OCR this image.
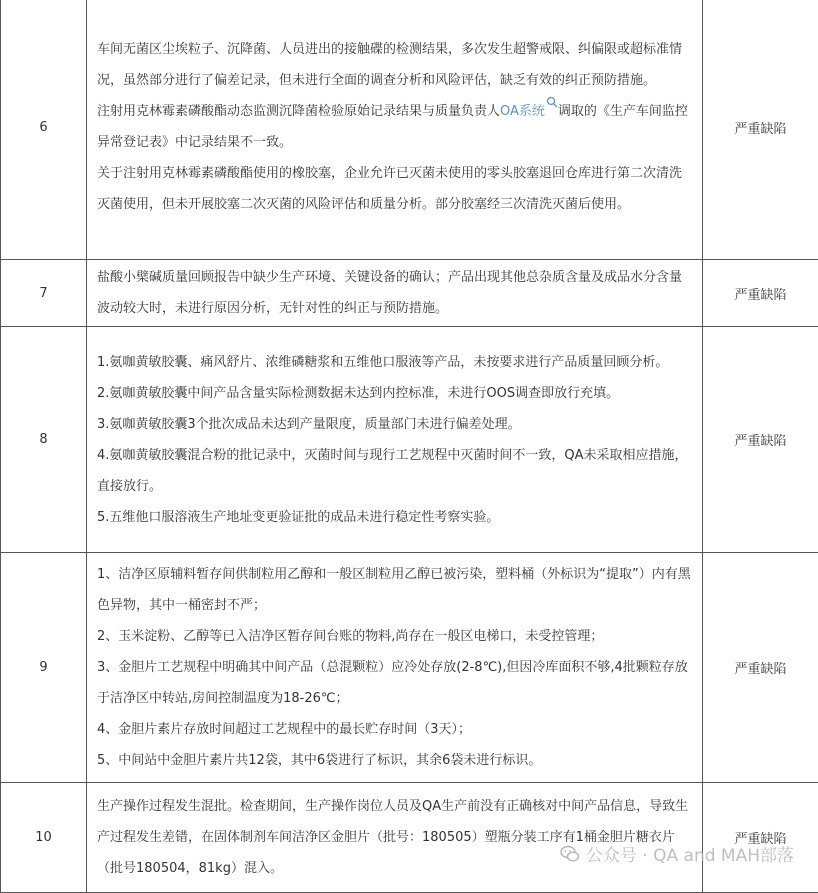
6	车间无菌区尘埃粒子、沉降菌、人员进出的接触碟的检测结果，多次发生超警戒限、纠偏限或超标准情况，虽然部分进行了偏差记录，但未进行全面的调查分析和风险评估，缺乏有效的纠正预防措施。

注射用克林霉素磷酸酯动态监测沉降菌检验原始记录结果与质量负责人OA系统 调取的《生产车间监控异常登记表》中记录结果不一致。

关于注射用克林霉素磷酸酯使用的橡胶塞，企业允许已灭菌未使用的零头胶塞退回仓库进行第二次清洗灭菌使用，但未开展胶塞二次灭菌的风险评估和质量分析。部分胶塞经三次清洗灭菌后使用。	严重缺陷
7	盐酸小檗碱质量回顾报告中缺少生产环境、关键设备的确认；产品出现其他总杂质含量及成品水分含量波动较大时，未进行原因分析，无针对性的纠正与预防措施。	严重缺陷
8	1.氨咖黄敏胶囊、痛风舒片、浓维磷糖浆和五维他口服液等产品，未按要求进行产品质量回顾分析。

2.氨咖黄敏胶囊中间产品含量实际检测数据未达到内控标准，未进行OOS调查即放行充填。

3.氨咖黄敏胶囊3个批次成品未达到产量限度，质量部门未进行偏差处理。

4.氨咖黄敏胶囊混合粉的批记录中，灭菌时间与现行工艺规程中灭菌时间不一致，QA未采取相应措施，直接放行。

5.五维他口服溶液生产地址变更验证批的成品未进行稳定性考察实验。	严重缺陷
9	1、洁净区原辅料暂存间供制粒用乙醇和一般区制粒用乙醇已被污染，塑料桶（外标识为“提取”）内有黑色异物，其中一桶密封不严；

2、玉米淀粉、乙醇等已入洁净区暂存间台账的物料,尚存在一般区电梯口，未受控管理；

3、金胆片工艺规程中明确其中间产品（总混颗粒）应冷处存放(2-8℃),但因冷库面积不够,4批颗粒存放于洁净区中转站,房间控制温度为18-26℃；

4、金胆片素片存放时间超过工艺规程中的最长贮存时间（3天）；

5、中间站中金胆片素片共12袋，其中6袋进行了标识，其余6袋未进行标识。	严重缺陷
10	生产操作过程发生混批。检查期间，生产操作岗位人员及QA生产前没有正确核对中间产品信息，导致生产过程发生差错，在固体制剂车间洁净区金胆片（批号：180505）塑瓶分装工序有1桶金胆片糖衣片（批号180504，81kg）混入。	严重缺陷
公众号 · QA and MAH部落
